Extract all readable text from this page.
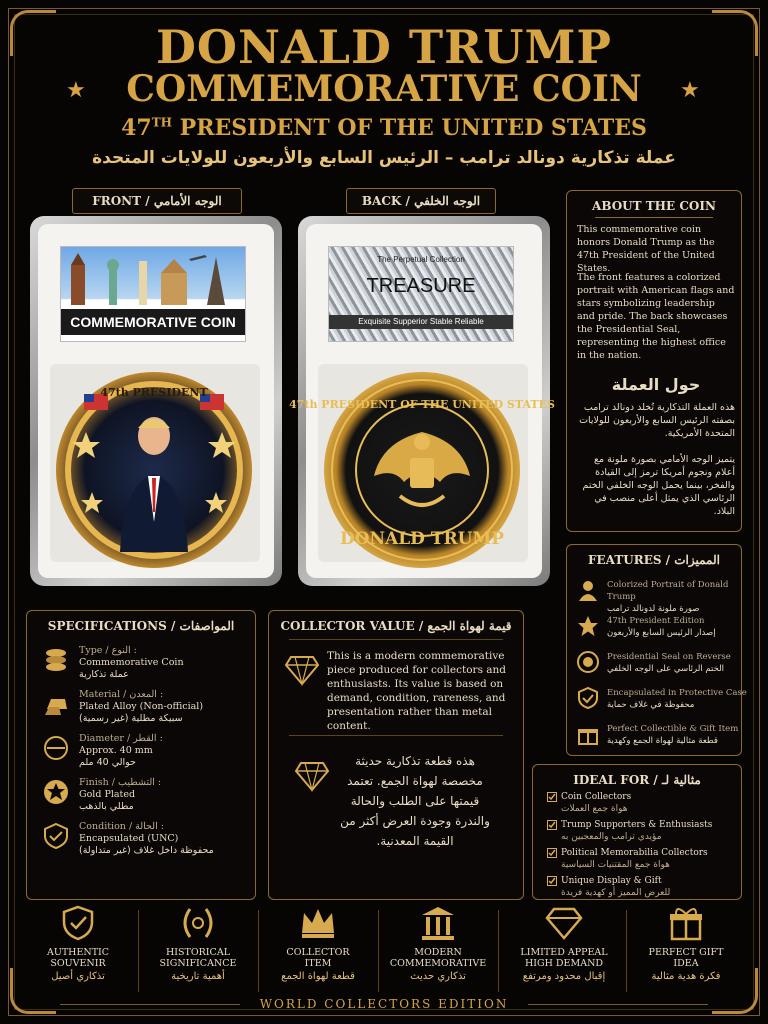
DONALD TRUMP
COMMEMORATIVE COIN
★	★
47TH PRESIDENT OF THE UNITED STATES
عملة تذكارية دونالد ترامب – الرئيس السابع والأربعون للولايات المتحدة
FRONT / الوجه الأمامي	BACK / الوجه الخلفي
COMMEMORATIVE COIN
47th PRESIDENT
The Perpetual Collection
TREASURE
Exquisite Supperior Stable Reliable
47th PRESIDENT OF THE UNITED STATES
DONALD TRUMP
ABOUT THE COIN
This commemorative coin honors Donald Trump as the 47th President of the United States.
The front features a colorized portrait with American flags and stars symbolizing leadership and pride. The back showcases the Presidential Seal, representing the highest office in the nation.
حول العملة
هذه العملة التذكارية تُخلد دونالد ترامب بصفته الرئيس السابع والأربعون للولايات المتحدة الأمريكية.
يتميز الوجه الأمامي بصورة ملونة مع أعلام ونجوم أمريكا ترمز إلى القيادة والفخر، بينما يحمل الوجه الخلفي الختم الرئاسي الذي يمثل أعلى منصب في البلاد.
FEATURES / المميزات
Colorized Portrait of Donald Trump
صورة ملونة لدونالد ترامب
47th President Edition
إصدار الرئيس السابع والأربعون
Presidential Seal on Reverse
الختم الرئاسي على الوجه الخلفي
Encapsulated in Protective Case
محفوظة في غلاف حماية
Perfect Collectible & Gift Item
قطعة مثالية لهواة الجمع وكهدية
SPECIFICATIONS / المواصفات
Type / النوع :
Commemorative Coin
عملة تذكارية
Material / المعدن :
Plated Alloy (Non-official)
سبيكة مطلية (غير رسمية)
Diameter / القطر :
Approx. 40 mm
حوالي 40 ملم
Finish / التشطيب :
Gold Plated
مطلي بالذهب
Condition / الحالة :
Encapsulated (UNC)
محفوظة داخل غلاف (غير متداولة)
COLLECTOR VALUE / قيمة لهواة الجمع
This is a modern commemorative piece produced for collectors and enthusiasts. Its value is based on demand, condition, rareness, and presentation rather than metal content.
هذه قطعة تذكارية حديثة مخصصة لهواة الجمع. تعتمد قيمتها على الطلب والحالة والندرة وجودة العرض أكثر من القيمة المعدنية.
IDEAL FOR / مثالية لـ
Coin Collectors
هواة جمع العملات
Trump Supporters & Enthusiasts
مؤيدي ترامب والمعجبين به
Political Memorabilia Collectors
هواة جمع المقتنيات السياسية
Unique Display & Gift
للعرض المميز أو كهدية فريدة
AUTHENTIC
SOUVENIR
تذكاري أصيل
HISTORICAL
SIGNIFICANCE
أهمية تاريخية
COLLECTOR
ITEM
قطعة لهواة الجمع
MODERN
COMMEMORATIVE
تذكاري حديث
LIMITED APPEAL
HIGH DEMAND
إقبال محدود ومرتفع
PERFECT GIFT
IDEA
فكرة هدية مثالية
WORLD COLLECTORS EDITION
